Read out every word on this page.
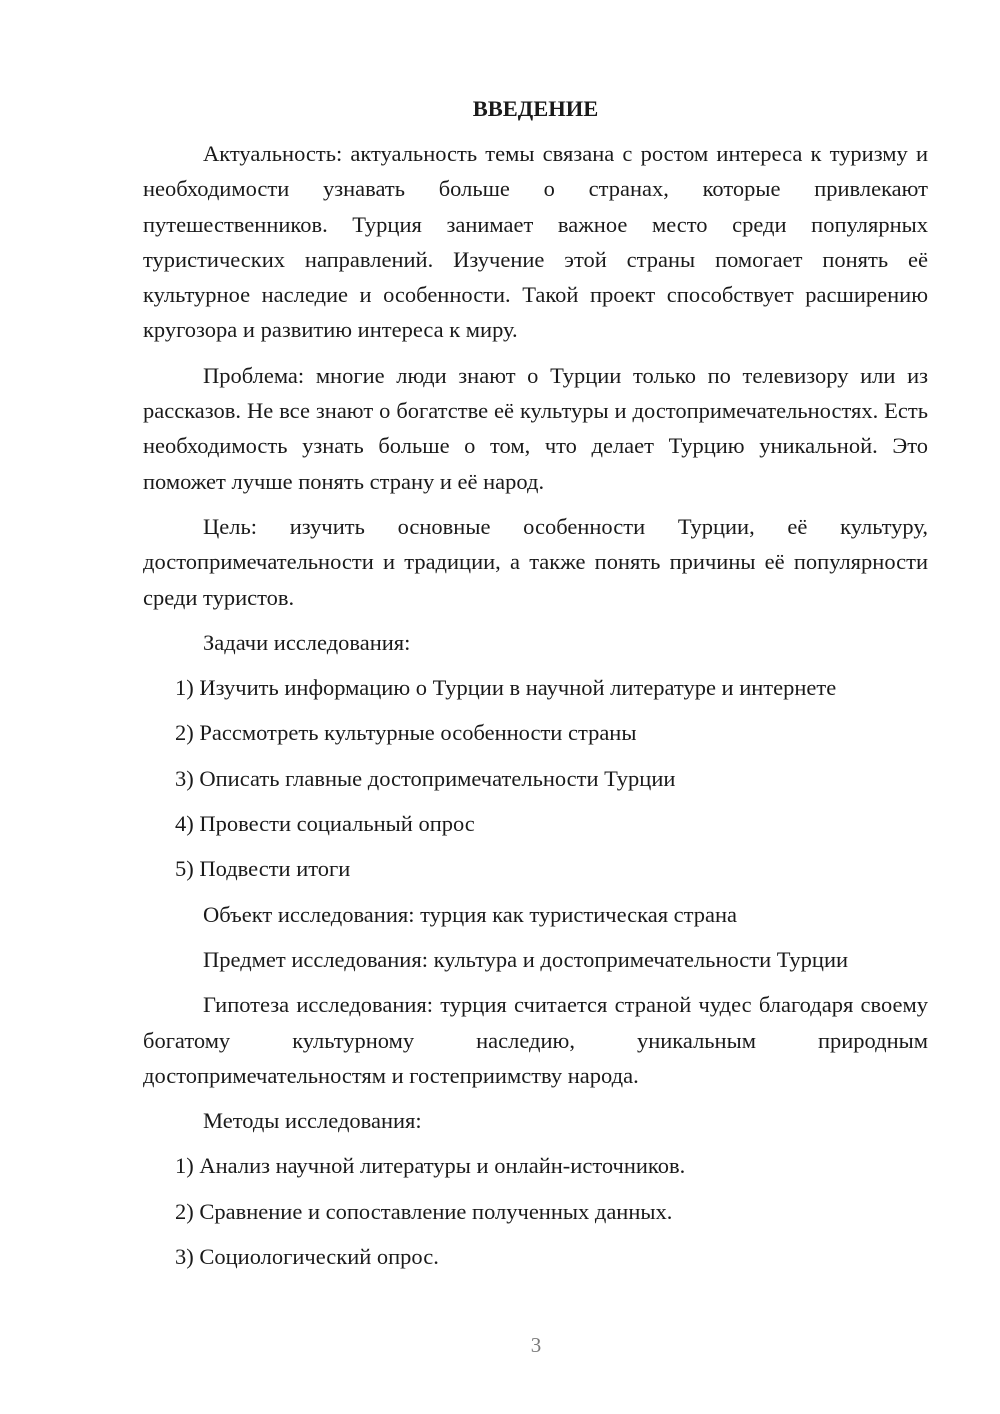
ВВЕДЕНИЕ

Актуальность: актуальность темы связана с ростом интереса к туризму и необходимости узнавать больше о странах, которые привлекают путешественников. Турция занимает важное место среди популярных туристических направлений. Изучение этой страны помогает понять её культурное наследие и особенности. Такой проект способствует расширению кругозора и развитию интереса к миру.

Проблема: многие люди знают о Турции только по телевизору или из рассказов. Не все знают о богатстве её культуры и достопримечательностях. Есть необходимость узнать больше о том, что делает Турцию уникальной. Это поможет лучше понять страну и её народ.

Цель: изучить основные особенности Турции, её культуру, достопримечательности и традиции, а также понять причины её популярности среди туристов.

Задачи исследования:

1) Изучить информацию о Турции в научной литературе и интернете
2) Рассмотреть культурные особенности страны
3) Описать главные достопримечательности Турции
4) Провести социальный опрос
5) Подвести итоги

Объект исследования: турция как туристическая страна

Предмет исследования: культура и достопримечательности Турции

Гипотеза исследования: турция считается страной чудес благодаря своему богатому культурному наследию, уникальным природным достопримечательностям и гостеприимству народа.

Методы исследования:

1) Анализ научной литературы и онлайн-источников.
2) Сравнение и сопоставление полученных данных.
3) Социологический опрос.
3
